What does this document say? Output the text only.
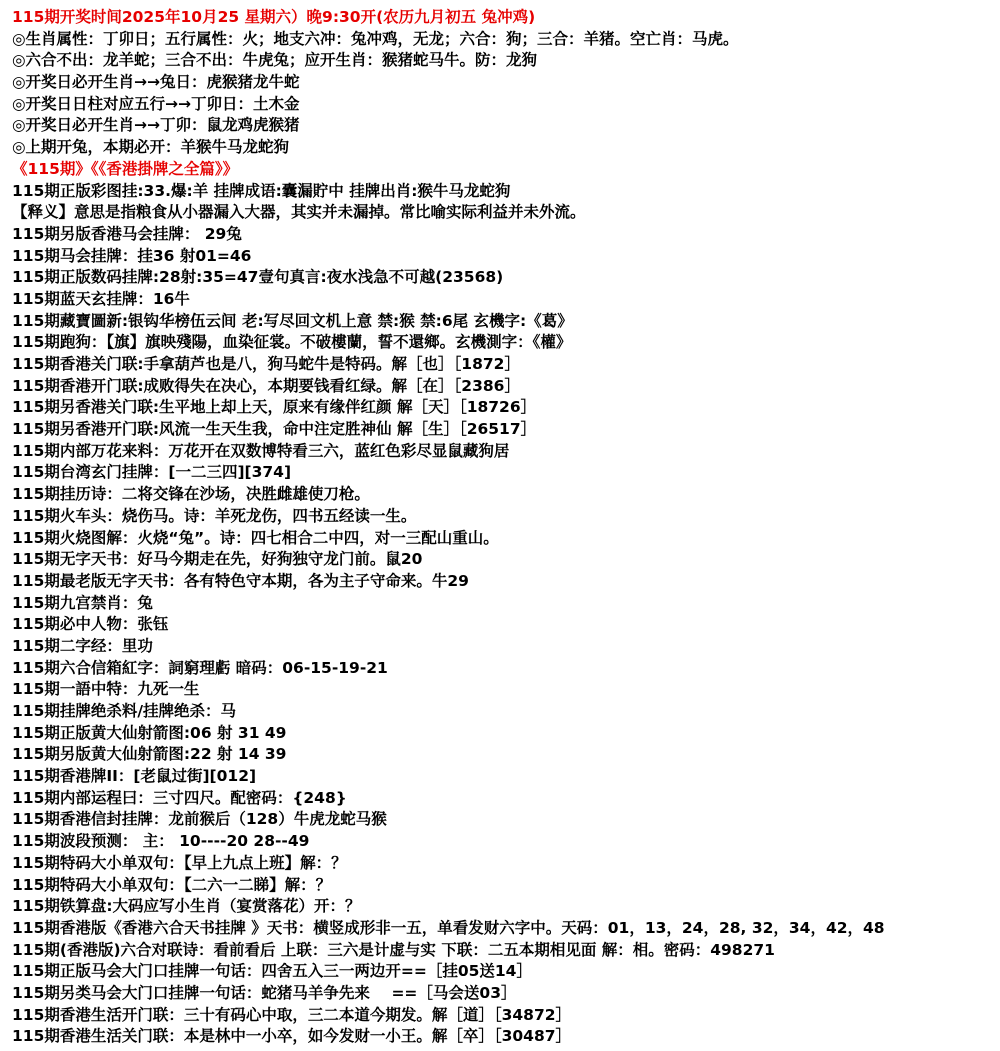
115期开奖时间2025年10月25 星期六）晚9:30开(农历九月初五 兔冲鸡)
◎生肖属性：丁卯日；五行属性：火；地支六冲：兔冲鸡，无龙；六合：狗；三合：羊猪。空亡肖：马虎。
◎六合不出：龙羊蛇；三合不出：牛虎兔；应开生肖：猴猪蛇马牛。防：龙狗
◎开奖日必开生肖→→兔日：虎猴猪龙牛蛇
◎开奖日日柱对应五行→→丁卯日：土木金
◎开奖日必开生肖→→丁卯：鼠龙鸡虎猴猪
◎上期开兔，本期必开：羊猴牛马龙蛇狗
《115期》《《香港掛牌之全篇》》
115期正版彩图挂:33.爆:羊 挂牌成语:囊漏貯中 挂牌出肖:猴牛马龙蛇狗
【释义】意思是指粮食从小器漏入大器，其实并未漏掉。常比喻实际利益并未外流。
115期另版香港马会挂牌： 29兔
115期马会挂牌：挂36 射01=46
115期正版数码挂牌:28射:35=47壹句真言:夜水浅急不可越(23568)
115期蓝天玄挂牌：16牛
115期藏寶圖新:银钩华榜伍云间 老:写尽回文机上意 禁:猴 禁:6尾 玄機字:《葛》
115期跑狗：【旗】旗映殘陽，血染征裳。不破樓蘭，誓不還鄉。玄機測字：《權》
115期香港关门联:手拿葫芦也是八，狗马蛇牛是特码。解［也］［1872］
115期香港开门联:成败得失在决心，本期要钱看红绿。解［在］［2386］
115期另香港关门联:生平地上却上天，原来有缘伴红颜 解［天］［18726］
115期另香港开门联:风流一生天生我，命中注定胜神仙 解［生］［26517］
115期内部万花来料：万花开在双数博特看三六，蓝红色彩尽显鼠藏狗居
115期台湾玄门挂牌：[一二三四][374]
115期挂历诗：二将交锋在沙场，决胜雌雄使刀枪。
115期火车头：烧伤马。诗：羊死龙伤，四书五经读一生。
115期火烧图解：火烧“兔”。诗：四七相合二中四，对一三配山重山。
115期无字天书：好马今期走在先，好狗独守龙门前。鼠20
115期最老版无字天书：各有特色守本期，各为主子守命来。牛29
115期九宫禁肖：兔
115期必中人物：张钰
115期二字经：里功
115期六合信箱紅字：詞窮理虧 暗码：06-15-19-21
115期一語中特：九死一生
115期挂牌绝杀料/挂牌绝杀：马
115期正版黄大仙射箭图:06 射 31 49
115期另版黄大仙射箭图:22 射 14 39
115期香港牌II：[老鼠过街][012]
115期内部运程曰：三寸四尺。配密码：{248}
115期香港信封挂牌：龙前猴后（128）牛虎龙蛇马猴
115期波段预测： 主： 10----20 28--49
115期特码大小单双句：【早上九点上班】解：？
115期特码大小单双句：【二六一二睇】解：？
115期铁算盘:大码应写小生肖（宴赏落花）开：？
115期香港版《香港六合天书挂牌 》天书：横竖成形非一五，单看发财六字中。天码：01，13，24，28, 32，34，42，48
115期(香港版)六合对联诗：看前看后 上联：三六是计虚与实 下联：二五本期相见面 解：相。密码：498271
115期正版马会大门口挂牌一句话：四舍五入三一两边开==［挂05送14］
115期另类马会大门口挂牌一句话：蛇猪马羊争先来    ==［马会送03］
115期香港生活开门联：三十有码心中取，三二本道今期发。解［道］［34872］
115期香港生活关门联：本是林中一小卒，如今发财一小王。解［卒］［30487］
